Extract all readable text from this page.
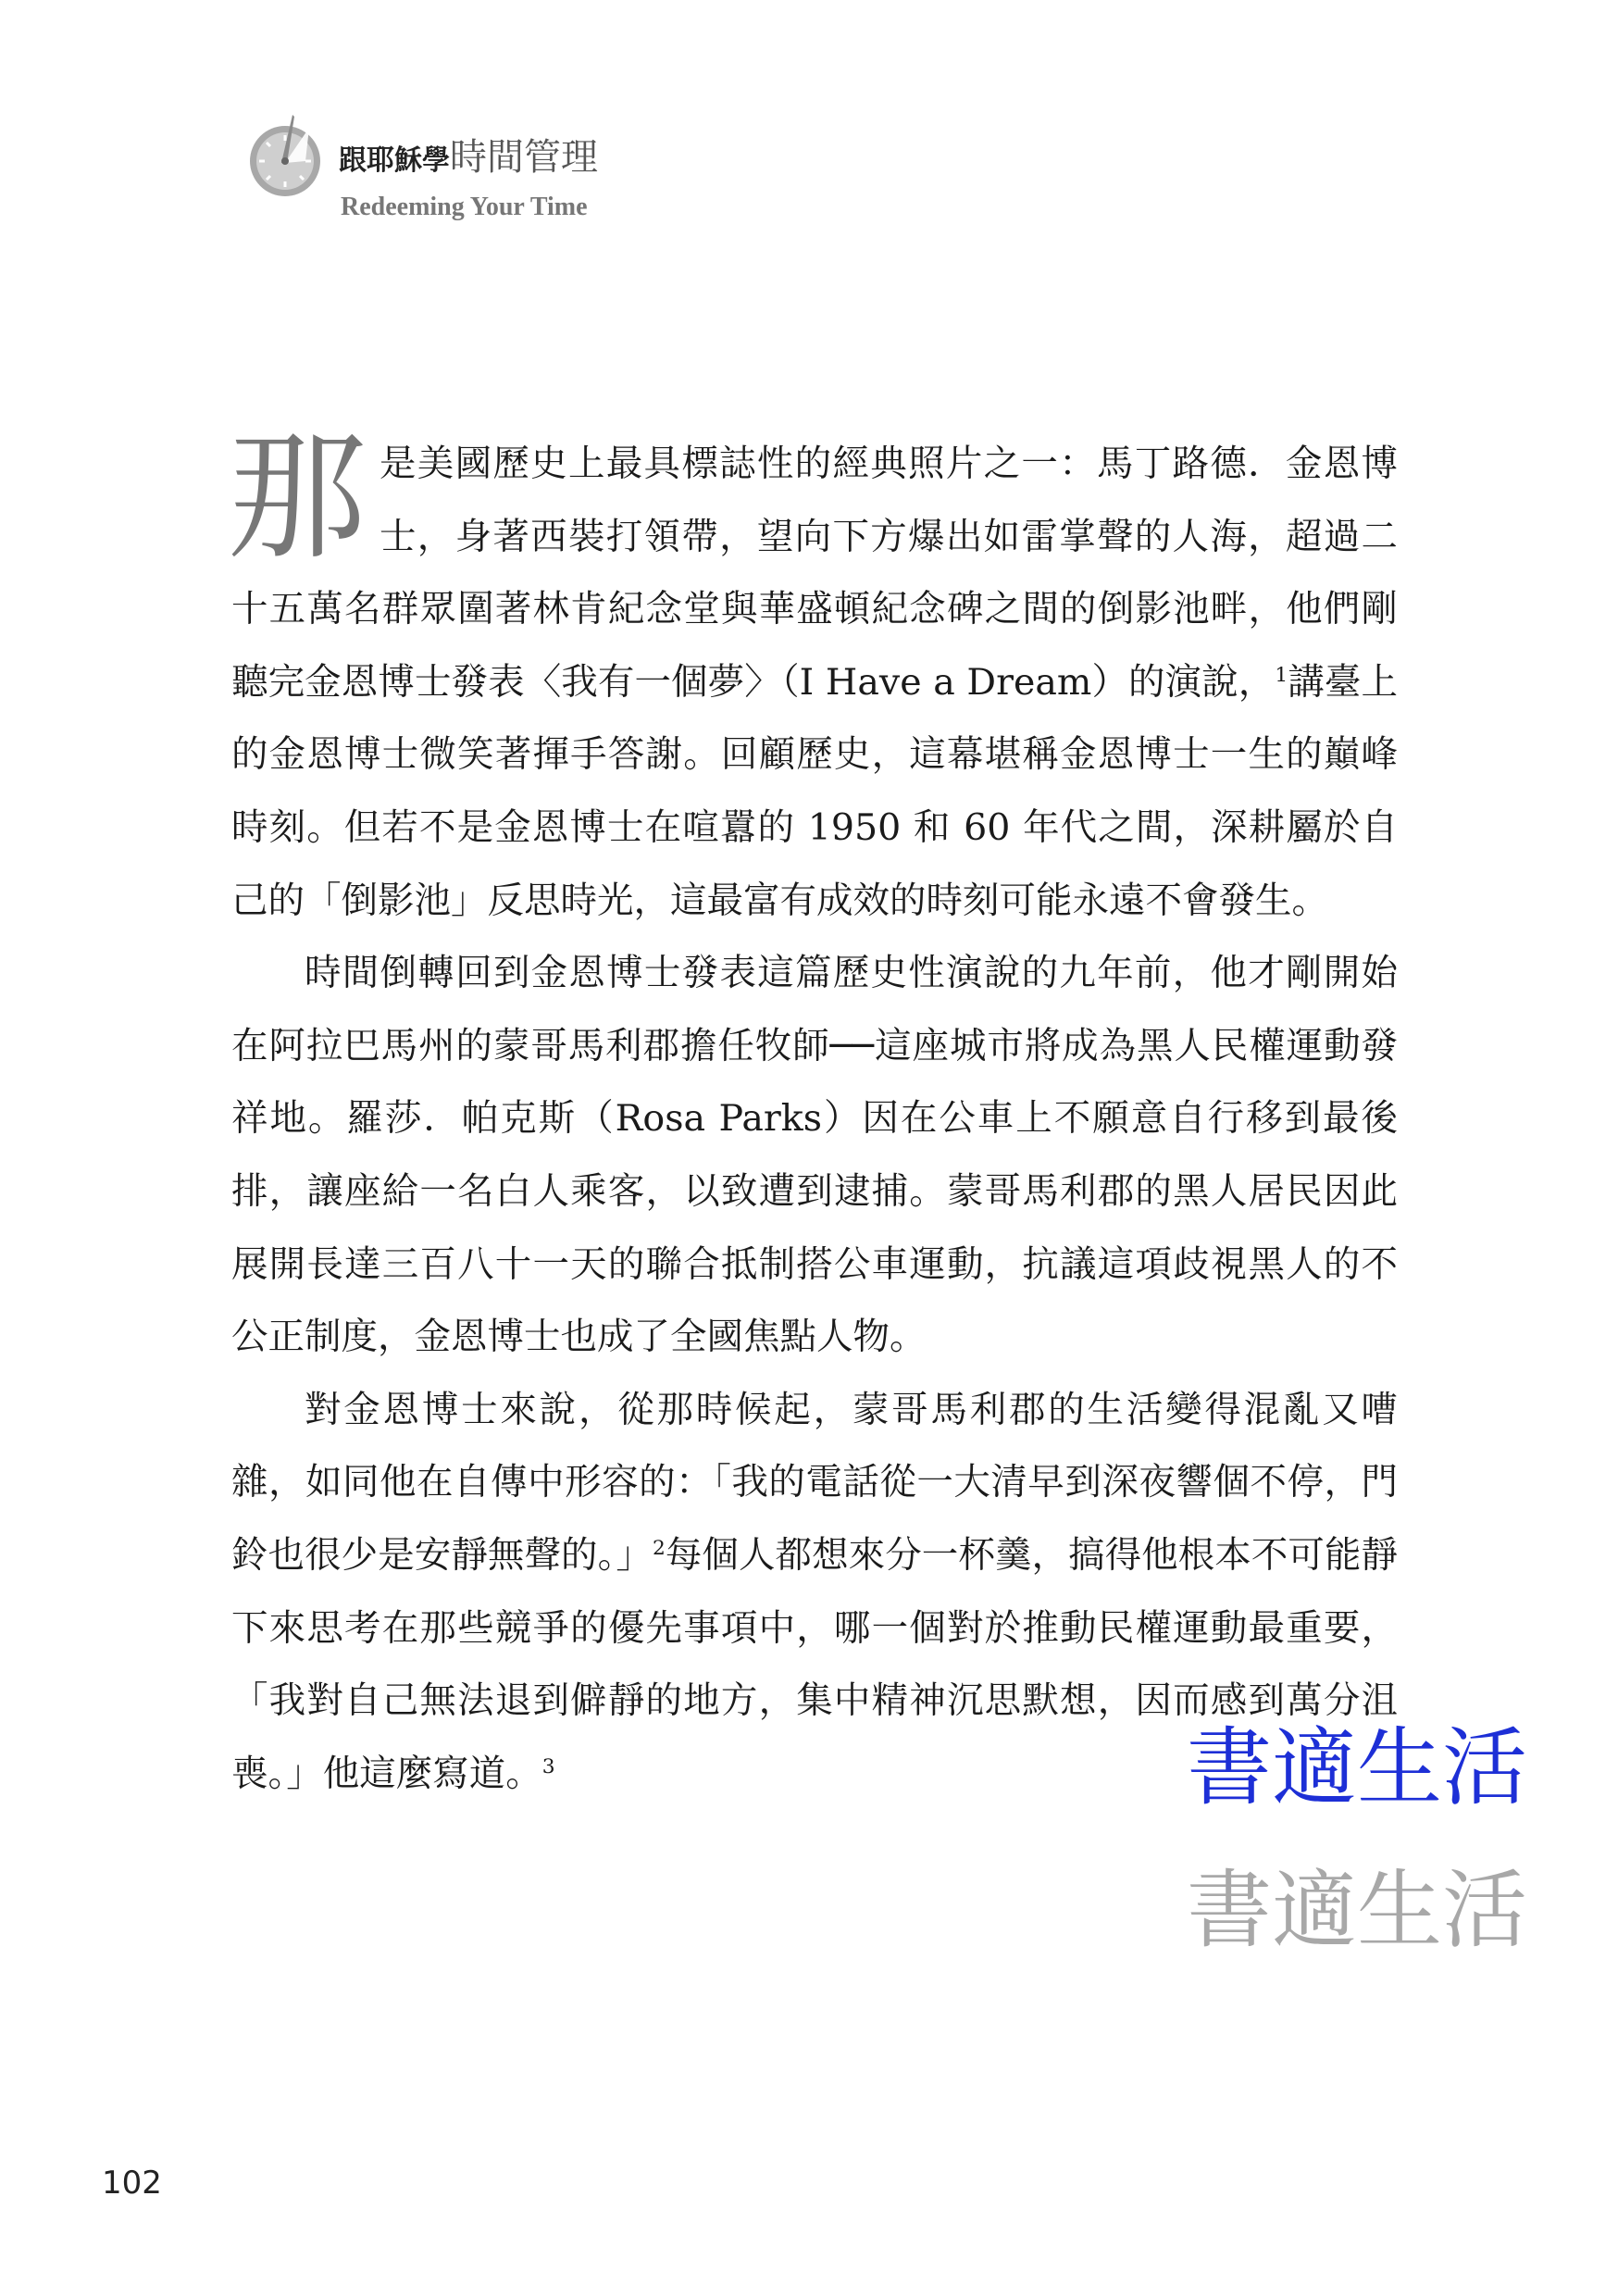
跟耶穌學時間管理
Redeeming Your Time

那是美國歷史上最具標誌性的經典照片之一：馬丁路德．金恩博士，身著西裝打領帶，望向下方爆出如雷掌聲的人海，超過二十五萬名群眾圍著林肯紀念堂與華盛頓紀念碑之間的倒影池畔，他們剛聽完金恩博士發表〈我有一個夢〉（I Have a Dream）的演說，$^1$講臺上的金恩博士微笑著揮手答謝。回顧歷史，這幕堪稱金恩博士一生的巔峰時刻。但若不是金恩博士在喧囂的 1950 和 60 年代之間，深耕屬於自己的「倒影池」反思時光，這最富有成效的時刻可能永遠不會發生。

時間倒轉回到金恩博士發表這篇歷史性演說的九年前，他才剛開始在阿拉巴馬州的蒙哥馬利郡擔任牧師──這座城市將成為黑人民權運動發祥地。羅莎．帕克斯（Rosa Parks）因在公車上不願意自行移到最後排，讓座給一名白人乘客，以致遭到逮捕。蒙哥馬利郡的黑人居民因此展開長達三百八十一天的聯合抵制搭公車運動，抗議這項歧視黑人的不公正制度，金恩博士也成了全國焦點人物。

對金恩博士來說，從那時候起，蒙哥馬利郡的生活變得混亂又嘈雜，如同他在自傳中形容的：「我的電話從一大清早到深夜響個不停，門鈴也很少是安靜無聲的。」$^2$每個人都想來分一杯羹，搞得他根本不可能靜下來思考在那些競爭的優先事項中，哪一個對於推動民權運動最重要，「我對自己無法退到僻靜的地方，集中精神沉思默想，因而感到萬分沮喪。」他這麼寫道。$^3$	書適生活
書適生活
102
